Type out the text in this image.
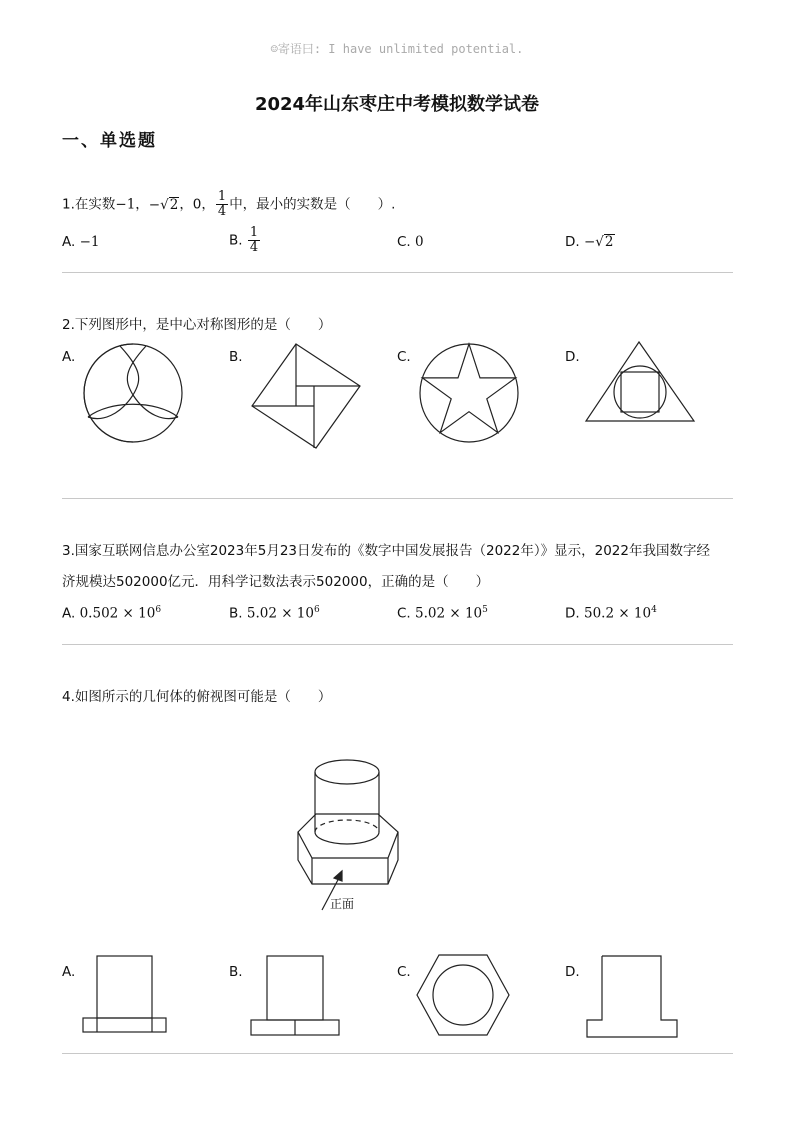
☺寄语曰: I have unlimited potential.
2024年山东枣庄中考模拟数学试卷
一、单选题
1.在实数−1，−√2，0， $\frac{1}{4}$ 中，最小的实数是（　　）.
A. −1	B. $\frac{1}{4}$	C. 0	D. −√2
2.下列图形中，是中心对称图形的是（　　）
A.	B.	C.	D.
3.国家互联网信息办公室2023年5月23日发布的《数字中国发展报告（2022年）》显示，2022年我国数字经
济规模达502000亿元．用科学记数法表示502000，正确的是（　　）
A. $0.502 \times 10^6$	B. $5.02 \times 10^6$	C. $5.02 \times 10^5$	D. $50.2 \times 10^4$
4.如图所示的几何体的俯视图可能是（　　）
正面
A.	B.	C.	D.
